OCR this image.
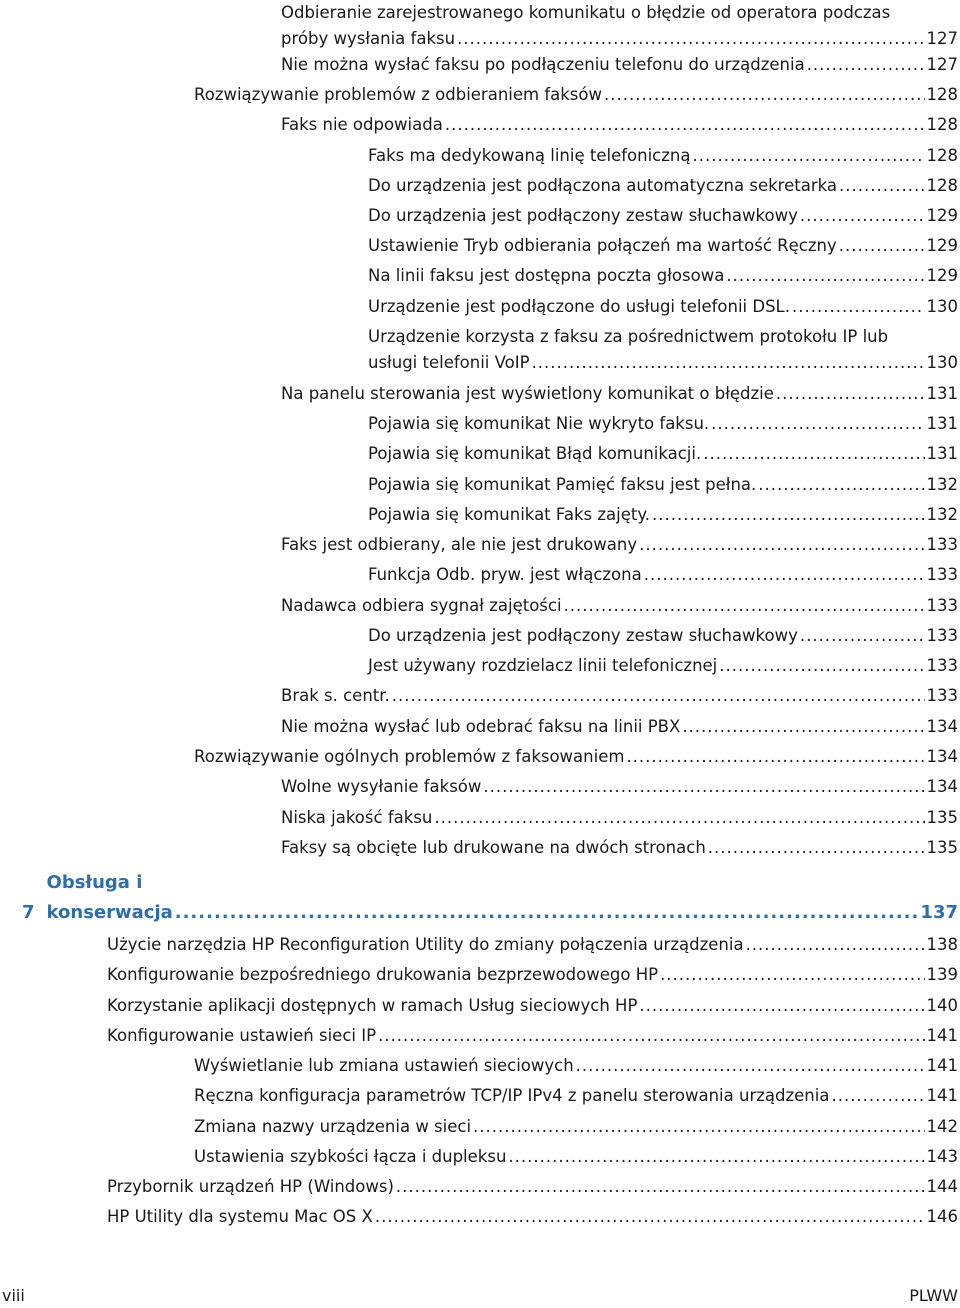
Odbieranie zarejestrowanego komunikatu o błędzie od operatora podczas
próby wysłania faksu .....	127
Nie można wysłać faksu po podłączeniu telefonu do urządzenia .....	127
Rozwiązywanie problemów z odbieraniem faksów .....	128
Faks nie odpowiada .....	128
Faks ma dedykowaną linię telefoniczną .....	128
Do urządzenia jest podłączona automatyczna sekretarka .....	128
Do urządzenia jest podłączony zestaw słuchawkowy .....	129
Ustawienie Tryb odbierania połączeń ma wartość Ręczny .....	129
Na linii faksu jest dostępna poczta głosowa .....	129
Urządzenie jest podłączone do usługi telefonii DSL. .....	130
Urządzenie korzysta z faksu za pośrednictwem protokołu IP lub
usługi telefonii VoIP .....	130
Na panelu sterowania jest wyświetlony komunikat o błędzie .....	131
Pojawia się komunikat Nie wykryto faksu. .....	131
Pojawia się komunikat Błąd komunikacji. .....	131
Pojawia się komunikat Pamięć faksu jest pełna. .....	132
Pojawia się komunikat Faks zajęty. .....	132
Faks jest odbierany, ale nie jest drukowany .....	133
Funkcja Odb. pryw. jest włączona .....	133
Nadawca odbiera sygnał zajętości .....	133
Do urządzenia jest podłączony zestaw słuchawkowy .....	133
Jest używany rozdzielacz linii telefonicznej .....	133
Brak s. centr. .....	133
Nie można wysłać lub odebrać faksu na linii PBX .....	134
Rozwiązywanie ogólnych problemów z faksowaniem .....	134
Wolne wysyłanie faksów .....	134
Niska jakość faksu .....	135
Faksy są obcięte lub drukowane na dwóch stronach .....	135
7
Obsługa i konserwacja .....	137
Użycie narzędzia HP Reconfiguration Utility do zmiany połączenia urządzenia .....	138
Konfigurowanie bezpośredniego drukowania bezprzewodowego HP .....	139
Korzystanie aplikacji dostępnych w ramach Usług sieciowych HP .....	140
Konfigurowanie ustawień sieci IP .....	141
Wyświetlanie lub zmiana ustawień sieciowych .....	141
Ręczna konfiguracja parametrów TCP/IP IPv4 z panelu sterowania urządzenia .....	141
Zmiana nazwy urządzenia w sieci .....	142
Ustawienia szybkości łącza i dupleksu .....	143
Przybornik urządzeń HP (Windows) .....	144
HP Utility dla systemu Mac OS X .....	146
viii	PLWW
